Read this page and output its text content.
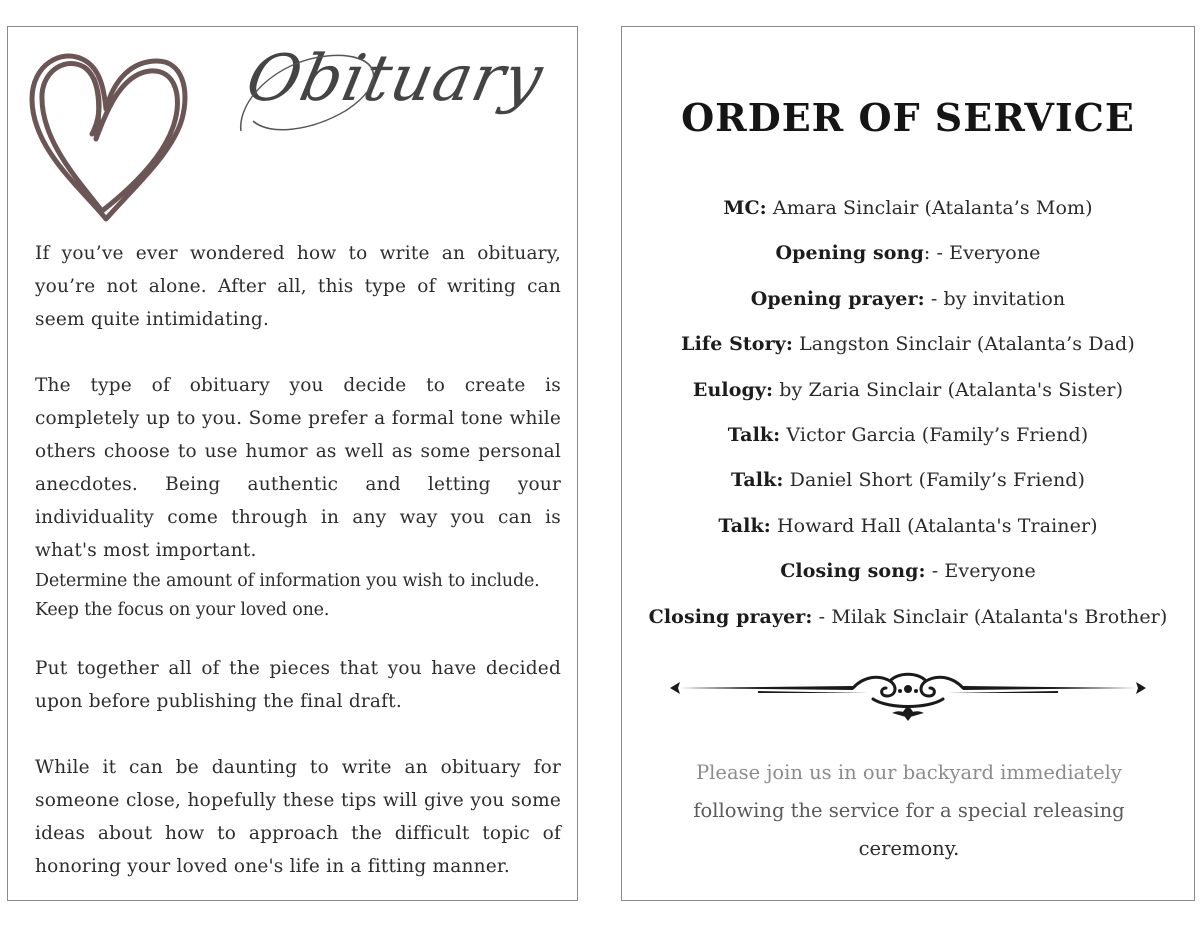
Obituary

If you’ve ever wondered how to write an obituary, you’re not alone. After all, this type of writing can seem quite intimidating.

The type of obituary you decide to create is completely up to you. Some prefer a formal tone while others choose to use humor as well as some personal anecdotes. Being authentic and letting your individuality come through in any way you can is what's most important.

Determine the amount of information you wish to include.
Keep the focus on your loved one.

Put together all of the pieces that you have decided upon before publishing the final draft.

While it can be daunting to write an obituary for someone close, hopefully these tips will give you some ideas about how to approach the difficult topic of honoring your loved one's life in a fitting manner.

ORDER OF SERVICE
MC: Amara Sinclair (Atalanta’s Mom)
Opening song: - Everyone
Opening prayer: - by invitation
Life Story: Langston Sinclair (Atalanta’s Dad)
Eulogy: by Zaria Sinclair (Atalanta's Sister)
Talk: Victor Garcia (Family’s Friend)
Talk: Daniel Short (Family’s Friend)
Talk: Howard Hall (Atalanta's Trainer)
Closing song: - Everyone
Closing prayer: - Milak Sinclair (Atalanta's Brother)

Please join us in our backyard immediately
following the service for a special releasing
ceremony.
